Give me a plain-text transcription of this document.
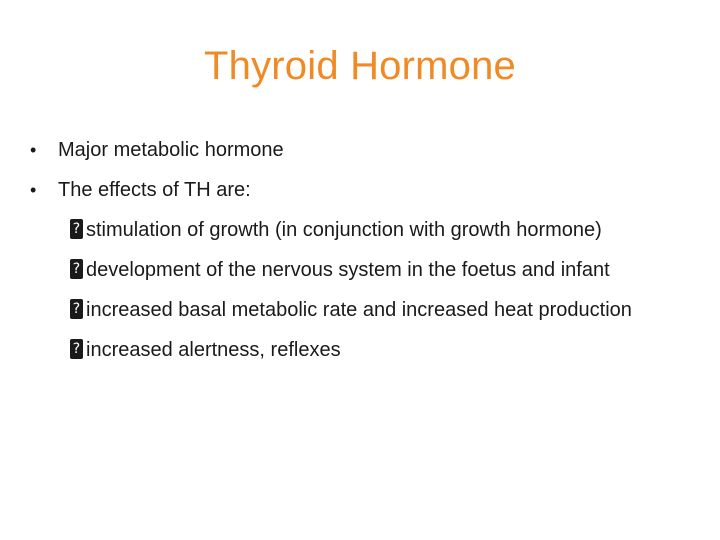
Thyroid Hormone
•	Major metabolic hormone
•	The effects of TH are:
?
stimulation of growth (in conjunction with growth hormone)
?
development of the nervous system in the foetus and infant
?
increased basal metabolic rate and increased heat production
?
increased alertness, reflexes
